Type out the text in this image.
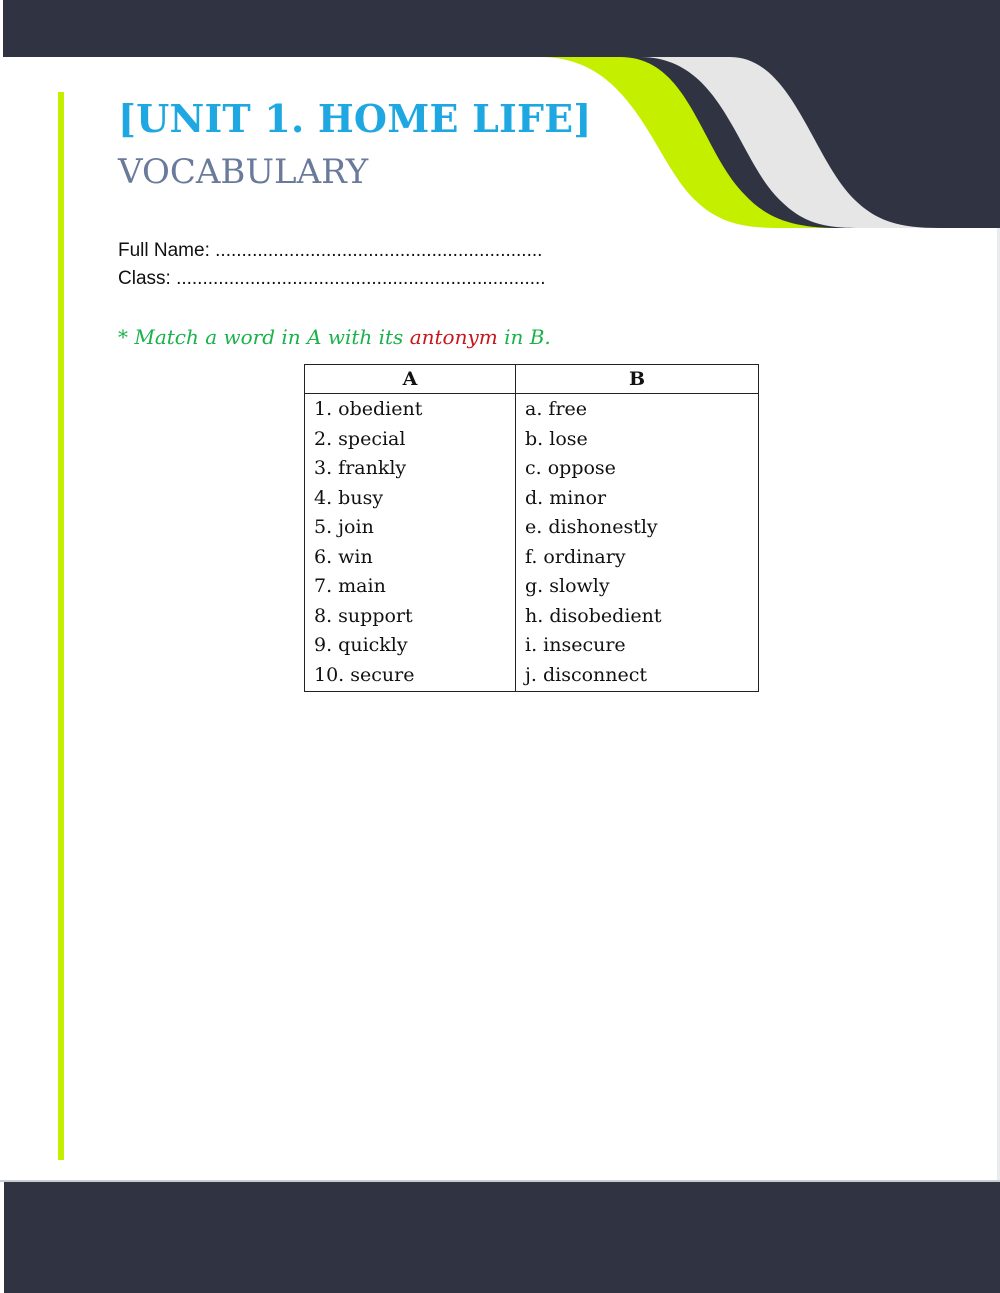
[UNIT 1. HOME LIFE]
VOCABULARY
Full Name: ..............................................................
Class: ......................................................................

* Match a word in A with its antonym in B.

A	B
1. obedient	a. free
2. special	b. lose
3. frankly	c. oppose
4. busy	d. minor
5. join	e. dishonestly
6. win	f. ordinary
7. main	g. slowly
8. support	h. disobedient
9. quickly	i. insecure
10. secure	j. disconnect
